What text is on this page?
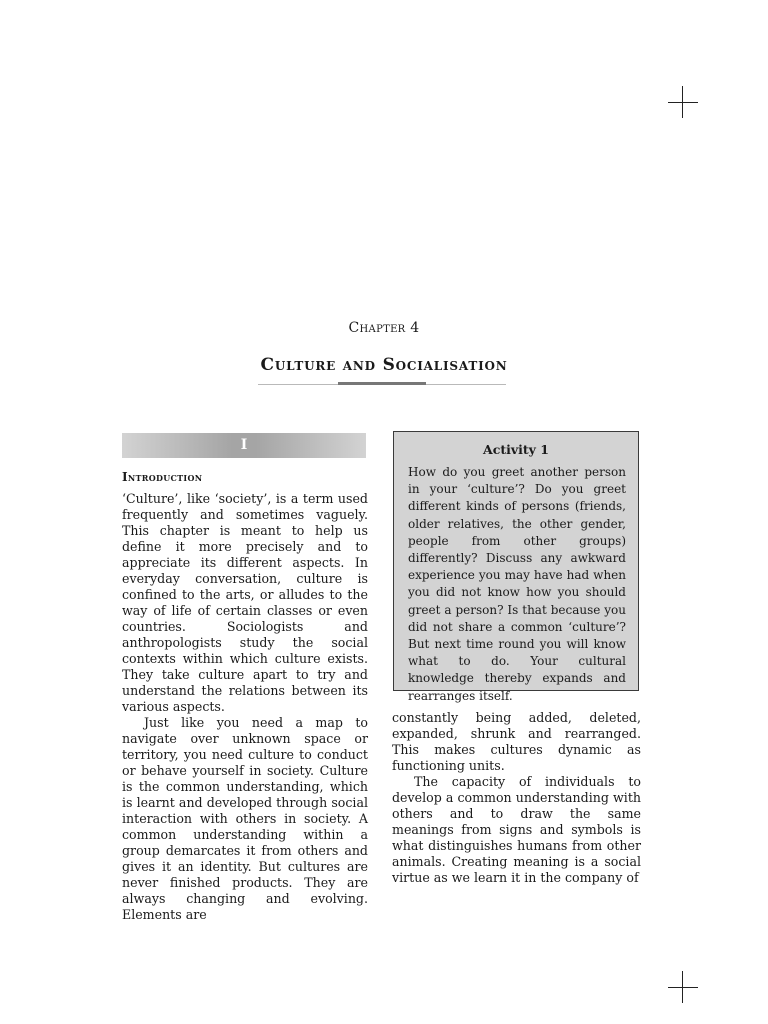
Chapter 4
Culture and Socialisation
I
Introduction

‘Culture’, like ‘society’, is a term used frequently and sometimes vaguely. This chapter is meant to help us define it more precisely and to appreciate its different aspects. In everyday conversation, culture is confined to the arts, or alludes to the way of life of certain classes or even countries. Sociologists and anthropologists study the social contexts within which culture exists. They take culture apart to try and understand the relations between its various aspects.

Just like you need a map to navigate over unknown space or territory, you need culture to conduct or behave yourself in society. Culture is the common understanding, which is learnt and developed through social interaction with others in society. A common understanding within a group demarcates it from others and gives it an identity. But cultures are never finished products. They are always changing and evolving. Elements are

Activity 1

How do you greet another person in your ‘culture’? Do you greet different kinds of persons (friends, older relatives, the other gender, people from other groups) differently? Discuss any awkward experience you may have had when you did not know how you should greet a person? Is that because you did not share a common ‘culture’? But next time round you will know what to do. Your cultural knowledge thereby expands and rearranges itself.

constantly being added, deleted, expanded, shrunk and rearranged. This makes cultures dynamic as functioning units.

The capacity of individuals to develop a common understanding with others and to draw the same meanings from signs and symbols is what distinguishes humans from other animals. Creating meaning is a social virtue as we learn it in the company of
